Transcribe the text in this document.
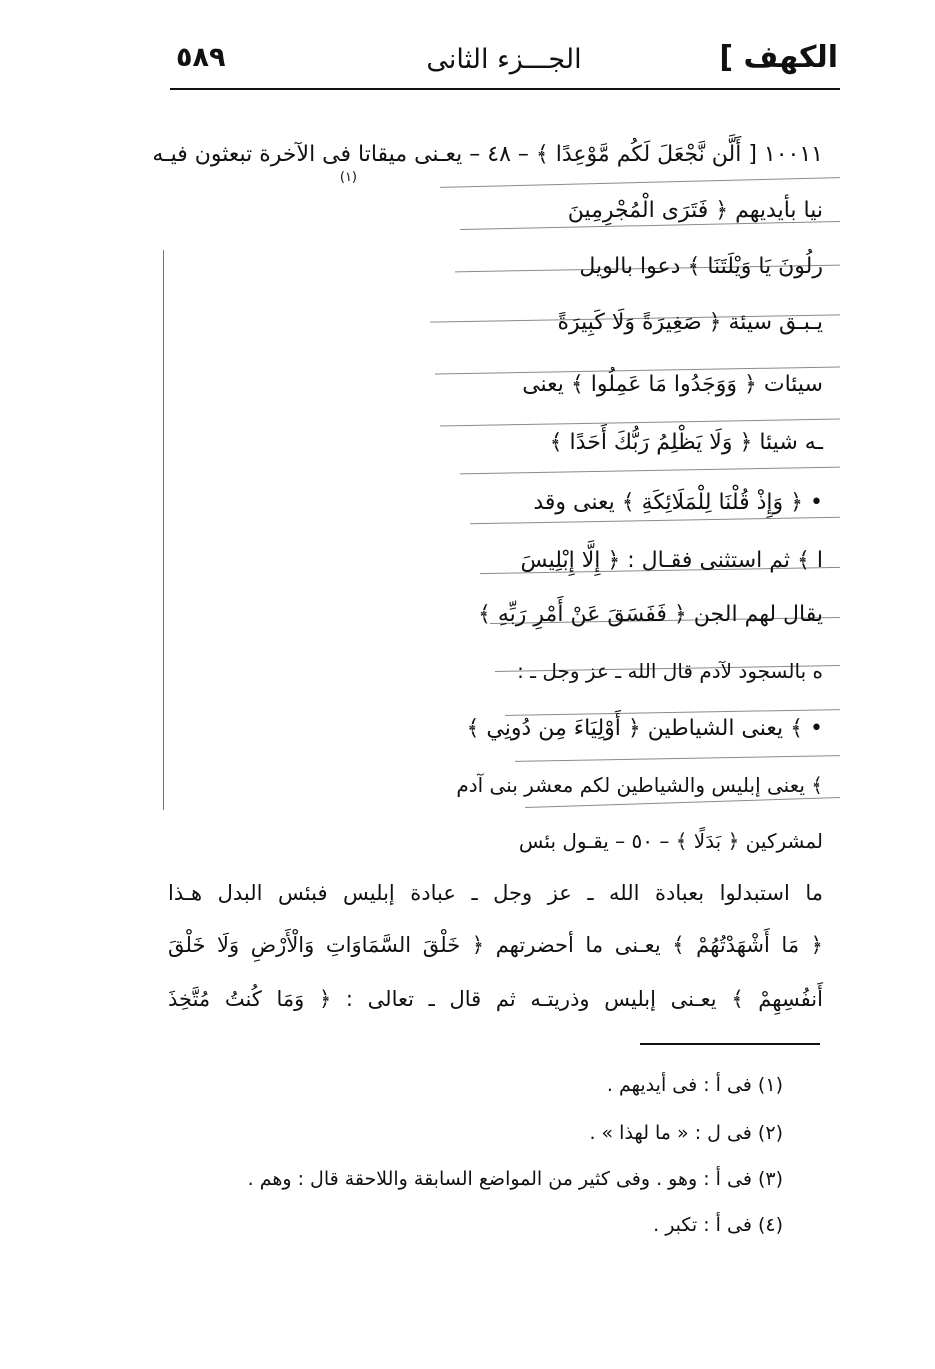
الكهف ]
الجـــزء الثانى
٥٨٩
١٠٠١١ [ أَلَّن نَّجْعَلَ لَكُم مَّوْعِدًا ﴾ – ٤٨ – يعـنى ميقاتا فى الآخرة تبعثون فيـه
(١)
نيا بأيديهم ﴿ فَتَرَى الْمُجْرِمِينَ
رلُونَ يَا وَيْلَتَنَا ﴾ دعوا بالويل
يـبـق سيئة ﴿ صَغِيرَةً وَلَا كَبِيرَةً
سيئات ﴿ وَوَجَدُوا مَا عَمِلُوا ﴾ يعنى
ـه شيئا ﴿ وَلَا يَظْلِمُ رَبُّكَ أَحَدًا ﴾
• ﴿ وَإِذْ قُلْنَا لِلْمَلَائِكَةِ ﴾ يعنى وقد
ا ﴾ ثم استثنى فقـال : ﴿ إِلَّا إِبْلِيسَ
يقال لهم الجن ﴿ فَفَسَقَ عَنْ أَمْرِ رَبِّهِ ﴾
ه بالسجود لآدم قال الله ـ عز وجل ـ :
• ﴾ يعنى الشياطين ﴿ أَوْلِيَاءَ مِن دُونِي ﴾
﴾ يعنى إبليس والشياطين لكم معشر بنى آدم
لمشركين ﴿ بَدَلًا ﴾ – ٥٠ – يقـول بئس
ما استبدلوا بعبادة الله ـ عز وجل ـ عبادة إبليس فبئس البدل هـذا
﴿ مَا أَشْهَدْتُهُمْ ﴾ يعـنى ما أحضرتهم ﴿ خَلْقَ السَّمَاوَاتِ وَالْأَرْضِ وَلَا خَلْقَ
أَنفُسِهِمْ ﴾ يعـنى إبليس وذريتـه ثم قال ـ تعالى : ﴿ وَمَا كُنتُ مُتَّخِذَ
(١) فى أ : فى أيديهم .
(٢) فى ل : « ما لهذا » .
(٣) فى أ : وهو . وفى كثير من المواضع السابقة واللاحقة قال : وهم .
(٤) فى أ : تكبر .
